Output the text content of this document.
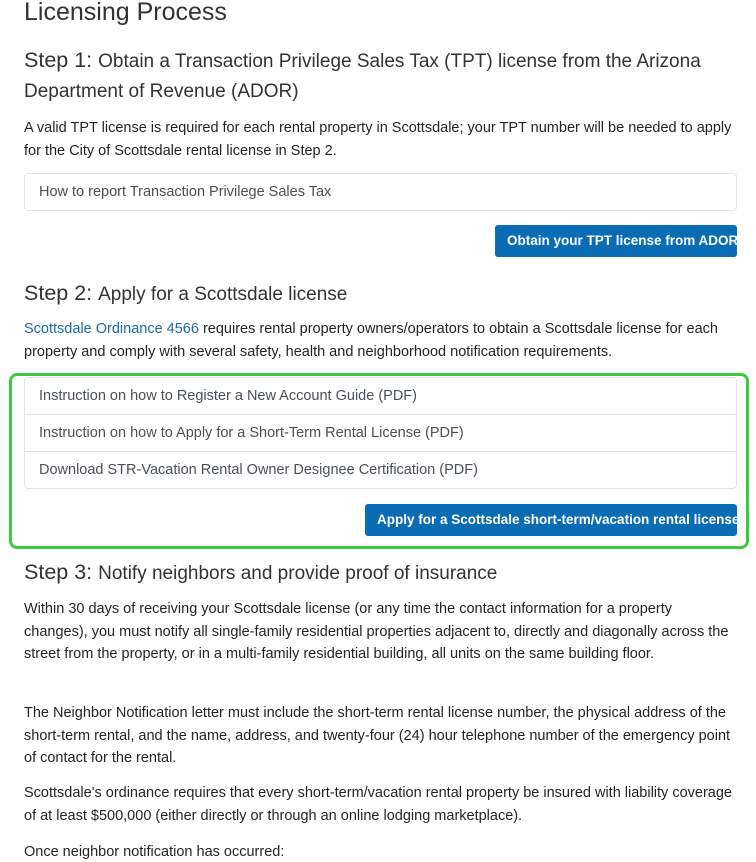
Licensing Process
Step 1: Obtain a Transaction Privilege Sales Tax (TPT) license from the Arizona Department of Revenue (ADOR)

A valid TPT license is required for each rental property in Scottsdale; your TPT number will be needed to apply for the City of Scottsdale rental license in Step 2.

How to report Transaction Privilege Sales Tax
Obtain your TPT license from ADOR
Step 2: Apply for a Scottsdale license

Scottsdale Ordinance 4566 requires rental property owners/operators to obtain a Scottsdale license for each property and comply with several safety, health and neighborhood notification requirements.

Instruction on how to Register a New Account Guide (PDF)
Instruction on how to Apply for a Short-Term Rental License (PDF)
Download STR-Vacation Rental Owner Designee Certification (PDF)
Apply for a Scottsdale short-term/vacation rental license
Step 3: Notify neighbors and provide proof of insurance

Within 30 days of receiving your Scottsdale license (or any time the contact information for a property changes), you must notify all single-family residential properties adjacent to, directly and diagonally across the street from the property, or in a multi-family residential building, all units on the same building floor.

The Neighbor Notification letter must include the short-term rental license number, the physical address of the short-term rental, and the name, address, and twenty-four (24) hour telephone number of the emergency point of contact for the rental.

Scottsdale's ordinance requires that every short-term/vacation rental property be insured with liability coverage of at least $500,000 (either directly or through an online lodging marketplace).

Once neighbor notification has occurred:
